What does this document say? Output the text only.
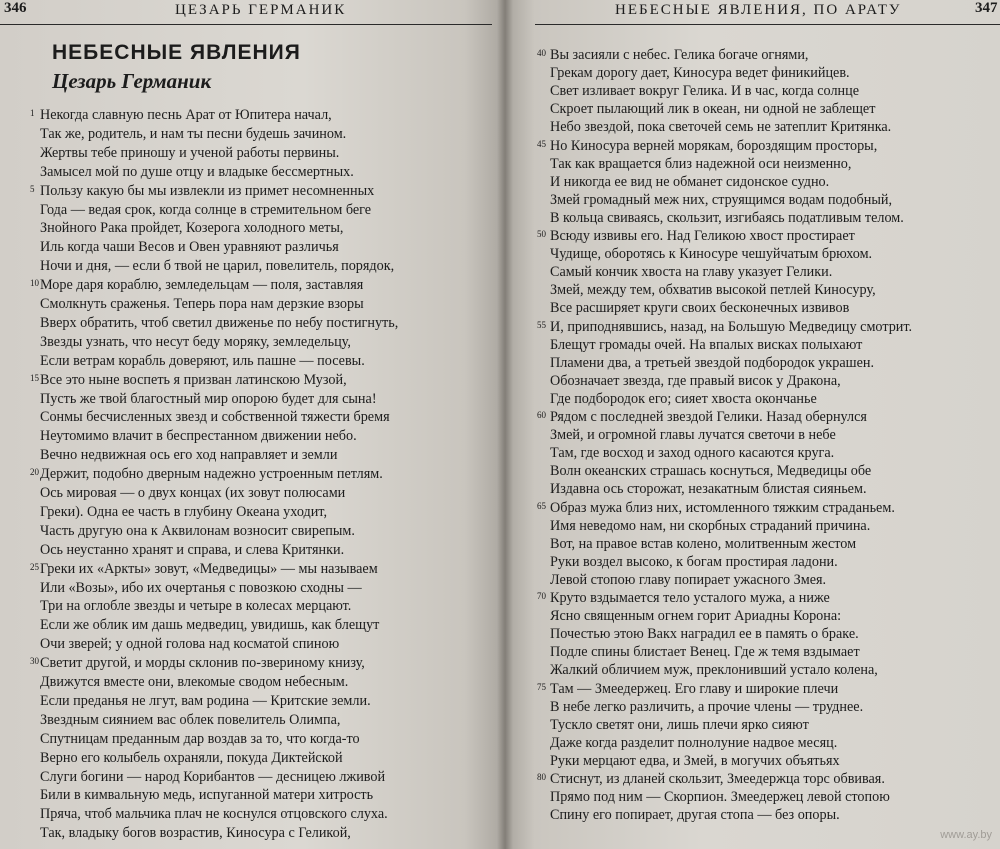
346	ЦЕЗАРЬ ГЕРМАНИК
НЕБЕСНЫЕ ЯВЛЕНИЯ
Цезарь Германик
Некогда славную песнь Арат от Юпитера начал,
Так же, родитель, и нам ты песни будешь зачином.
Жертвы тебе приношу и ученой работы первины.
Замысел мой по душе отцу и владыке бессмертных.
Пользу какую бы мы извлекли из примет несомненных
Года — ведая срок, когда солнце в стремительном беге
Знойного Рака пройдет, Козерога холодного меты,
Иль когда чаши Весов и Овен уравняют различья
Ночи и дня, — если б твой не царил, повелитель, порядок,
Море даря кораблю, земледельцам — поля, заставляя
Смолкнуть сраженья. Теперь пора нам дерзкие взоры
Вверх обратить, чтоб светил движенье по небу постигнуть,
Звезды узнать, что несут беду моряку, земледельцу,
Если ветрам корабль доверяют, иль пашне — посевы.
Все это ныне воспеть я призван латинскою Музой,
Пусть же твой благостный мир опорою будет для сына!
Сонмы бесчисленных звезд и собственной тяжести бремя
Неутомимо влачит в беспрестанном движении небо.
Вечно недвижная ось его ход направляет и земли
Держит, подобно дверным надежно устроенным петлям.
Ось мировая — о двух концах (их зовут полюсами
Греки). Одна ее часть в глубину Океана уходит,
Часть другую она к Аквилонам возносит свирепым.
Ось неустанно хранят и справа, и слева Критянки.
Греки их «Аркты» зовут, «Медведицы» — мы называем
Или «Возы», ибо их очертанья с повозкою сходны —
Три на оглобле звезды и четыре в колесах мерцают.
Если же облик им дашь медведиц, увидишь, как блещут
Очи зверей; у одной голова над косматой спиною
Светит другой, и морды склонив по-звериному книзу,
Движутся вместе они, влекомые сводом небесным.
Если преданья не лгут, вам родина — Критские земли.
Звездным сиянием вас облек повелитель Олимпа,
Спутницам преданным дар воздав за то, что когда-то
Верно его колыбель охраняли, покуда Диктейской
Слуги богини — народ Корибантов — десницею лживой
Били в кимвальную медь, испуганной матери хитрость
Пряча, чтоб мальчика плач не коснулся отцовского слуха.
Так, владыку богов возрастив, Киносура с Геликой,
1
5
10
15
20
25
30
НЕБЕСНЫЕ ЯВЛЕНИЯ, ПО АРАТУ	347
Вы засияли с небес. Гелика богаче огнями,
Грекам дорогу дает, Киносура ведет финикийцев.
Свет изливает вокруг Гелика. И в час, когда солнце
Скроет пылающий лик в океан, ни одной не заблещет
Небо звездой, пока светочей семь не затеплит Критянка.
Но Киносура верней морякам, бороздящим просторы,
Так как вращается близ надежной оси неизменно,
И никогда ее вид не обманет сидонское судно.
Змей громадный меж них, струящимся водам подобный,
В кольца свиваясь, скользит, изгибаясь податливым телом.
Всюду извивы его. Над Геликою хвост простирает
Чудище, оборотясь к Киносуре чешуйчатым брюхом.
Самый кончик хвоста на главу указует Гелики.
Змей, между тем, обхватив высокой петлей Киносуру,
Все расширяет круги своих бесконечных извивов
И, приподнявшись, назад, на Большую Медведицу смотрит.
Блещут громады очей. На впалых висках полыхают
Пламени два, а третьей звездой подбородок украшен.
Обозначает звезда, где правый висок у Дракона,
Где подбородок его; сияет хвоста окончанье
Рядом с последней звездой Гелики. Назад обернулся
Змей, и огромной главы лучатся светочи в небе
Там, где восход и заход одного касаются круга.
Волн океанских страшась коснуться, Медведицы обе
Издавна ось сторожат, незакатным блистая сияньем.
Образ мужа близ них, истомленного тяжким страданьем.
Имя неведомо нам, ни скорбных страданий причина.
Вот, на правое встав колено, молитвенным жестом
Руки воздел высоко, к богам простирая ладони.
Левой стопою главу попирает ужасного Змея.
Круто вздымается тело усталого мужа, а ниже
Ясно священным огнем горит Ариадны Корона:
Почестью этою Вакх наградил ее в память о браке.
Подле спины блистает Венец. Где ж темя вздымает
Жалкий обличием муж, преклонивший устало колена,
Там — Змеедержец. Его главу и широкие плечи
В небе легко различить, а прочие члены — труднее.
Тускло светят они, лишь плечи ярко сияют
Даже когда разделит полнолуние надвое месяц.
Руки мерцают едва, и Змей, в могучих объятьях
Стиснут, из дланей скользит, Змеедержца торс обвивая.
Прямо под ним — Скорпион. Змеедержец левой стопою
Спину его попирает, другая стопа — без опоры.
40
45
50
55
60
65
70
75
80
www.ay.by
